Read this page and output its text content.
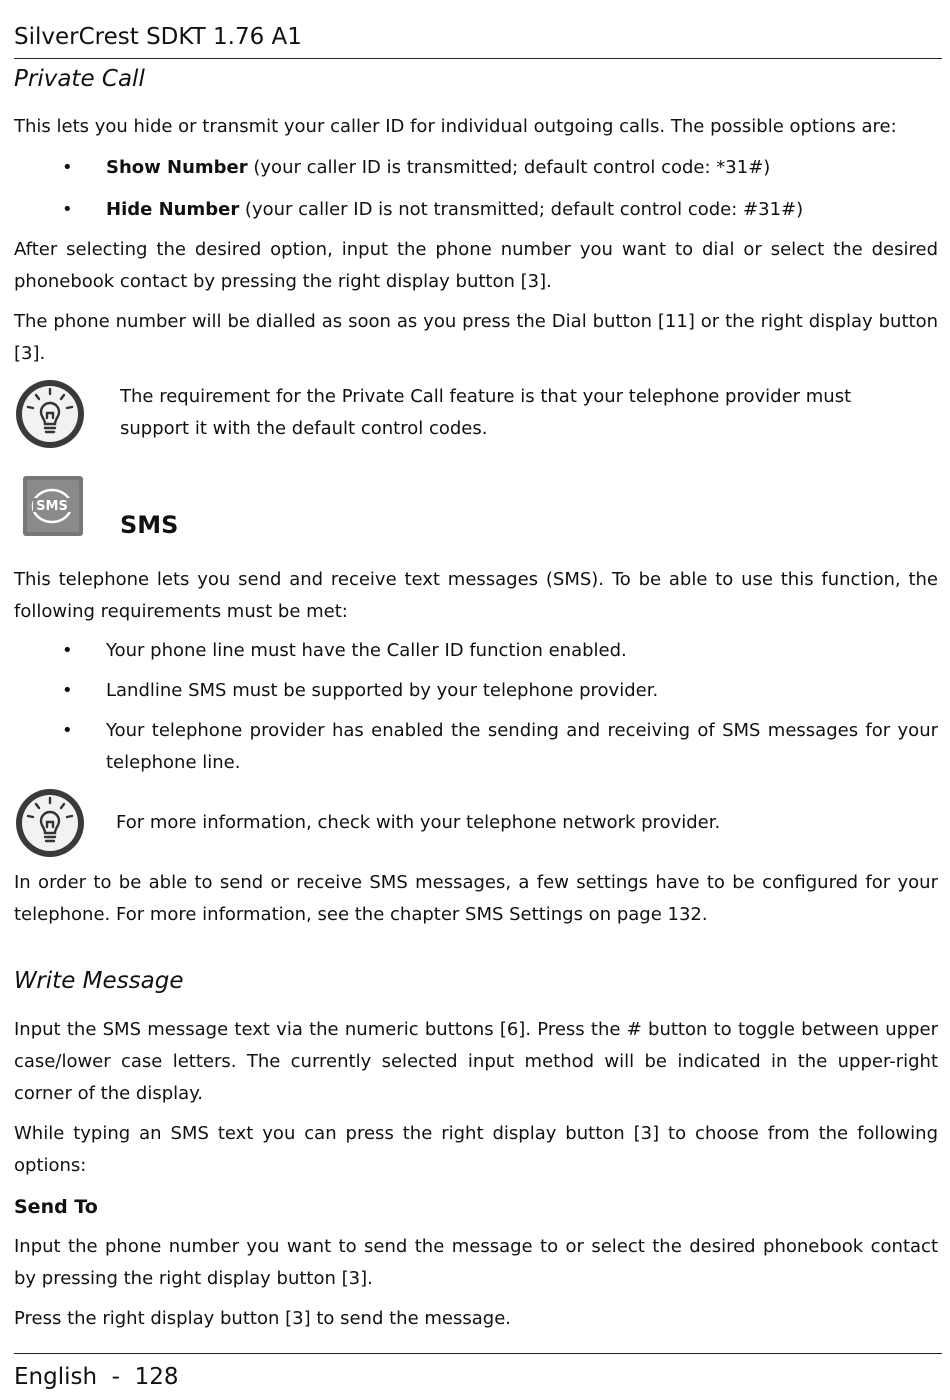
SilverCrest SDKT 1.76 A1
Private Call
This lets you hide or transmit your caller ID for individual outgoing calls. The possible options are:
• Show Number (your caller ID is transmitted; default control code: *31#)
• Hide Number (your caller ID is not transmitted; default control code: #31#)
After selecting the desired option, input the phone number you want to dial or select the desired phonebook contact by pressing the right display button [3].
The phone number will be dialled as soon as you press the Dial button [11] or the right display button [3].
The requirement for the Private Call feature is that your telephone provider must support it with the default control codes.
SMS
SMS
This telephone lets you send and receive text messages (SMS). To be able to use this function, the following requirements must be met:
• Your phone line must have the Caller ID function enabled.
• Landline SMS must be supported by your telephone provider.
• Your telephone provider has enabled the sending and receiving of SMS messages for your telephone line.
For more information, check with your telephone network provider.
In order to be able to send or receive SMS messages, a few settings have to be configured for your telephone. For more information, see the chapter SMS Settings on page 132.
Write Message
Input the SMS message text via the numeric buttons [6]. Press the # button to toggle between upper case/lower case letters. The currently selected input method will be indicated in the upper-right corner of the display.
While typing an SMS text you can press the right display button [3] to choose from the following options:
Send To
Input the phone number you want to send the message to or select the desired phonebook contact by pressing the right display button [3].
Press the right display button [3] to send the message.
English  -  128
